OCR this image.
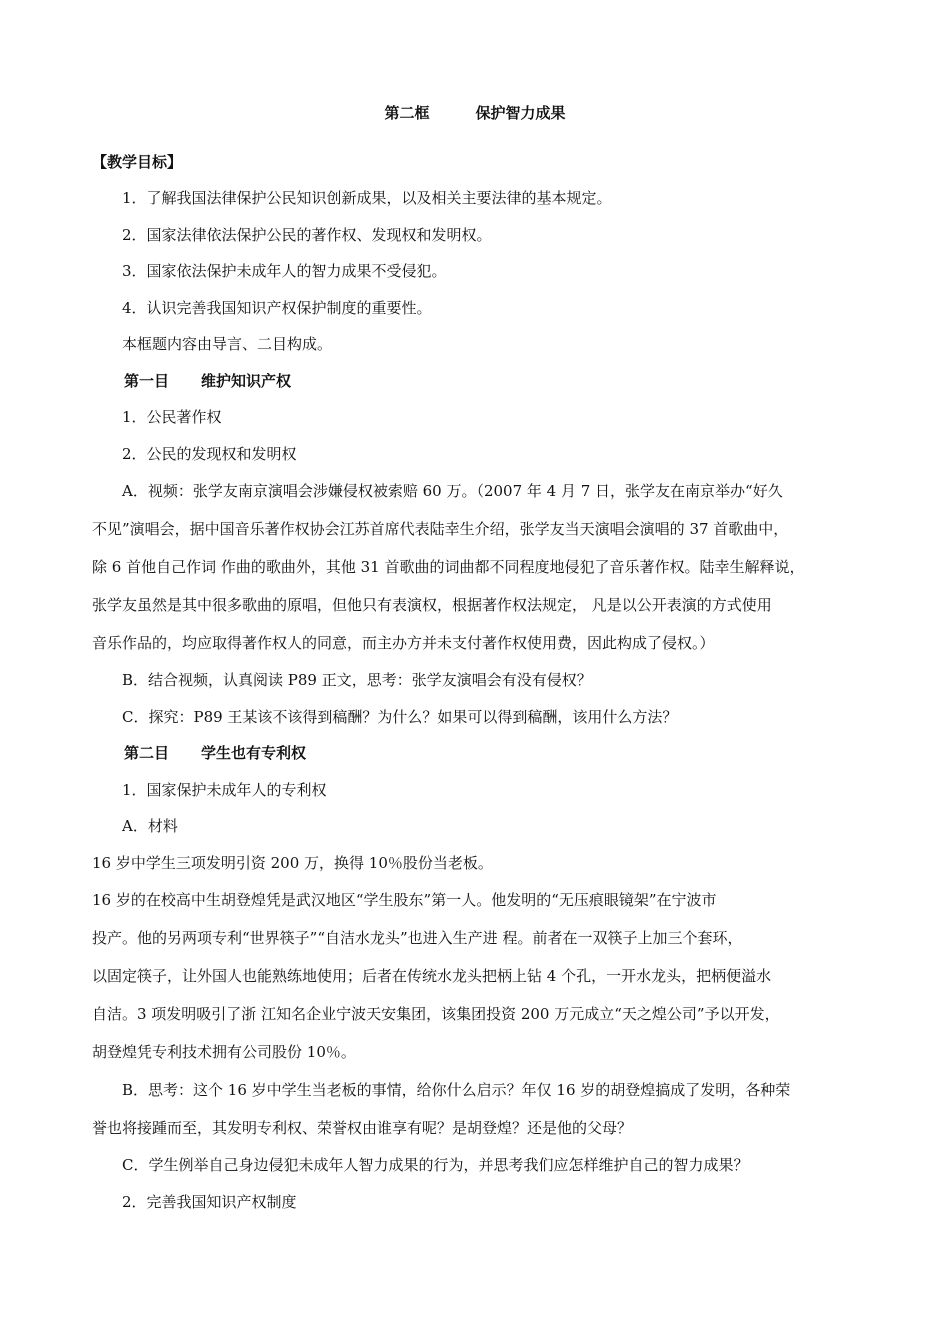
第二框	保护智力成果
【教学目标】
1．了解我国法律保护公民知识创新成果，以及相关主要法律的基本规定。
2．国家法律依法保护公民的著作权、发现权和发明权。
3．国家依法保护未成年人的智力成果不受侵犯。
4．认识完善我国知识产权保护制度的重要性。
本框题内容由导言、二目构成。
第一目 维护知识产权
1．公民著作权
2．公民的发现权和发明权
A．视频：张学友南京演唱会涉嫌侵权被索赔 60 万。（2007 年 4 月 7 日，张学友在南京举办“好久
不见”演唱会，据中国音乐著作权协会江苏首席代表陆幸生介绍，张学友当天演唱会演唱的 37 首歌曲中，
除 6 首他自己作词 作曲的歌曲外，其他 31 首歌曲的词曲都不同程度地侵犯了音乐著作权。陆幸生解释说，
张学友虽然是其中很多歌曲的原唱，但他只有表演权，根据著作权法规定， 凡是以公开表演的方式使用
音乐作品的，均应取得著作权人的同意，而主办方并未支付著作权使用费，因此构成了侵权。）
B．结合视频，认真阅读 P89 正文，思考：张学友演唱会有没有侵权？
C．探究：P89 王某该不该得到稿酬？为什么？如果可以得到稿酬，该用什么方法？
第二目 学生也有专利权
1．国家保护未成年人的专利权
A．材料
16 岁中学生三项发明引资 200 万，换得 10％股份当老板。
16 岁的在校高中生胡登煌凭是武汉地区“学生股东”第一人。他发明的“无压痕眼镜架”在宁波市
投产。他的另两项专利“世界筷子”“自洁水龙头”也进入生产进 程。前者在一双筷子上加三个套环，
以固定筷子，让外国人也能熟练地使用；后者在传统水龙头把柄上钻 4 个孔，一开水龙头，把柄便溢水
自洁。3 项发明吸引了浙 江知名企业宁波天安集团，该集团投资 200 万元成立“天之煌公司”予以开发，
胡登煌凭专利技术拥有公司股份 10％。
B．思考：这个 16 岁中学生当老板的事情，给你什么启示？年仅 16 岁的胡登煌搞成了发明，各种荣
誉也将接踵而至，其发明专利权、荣誉权由谁享有呢？是胡登煌？还是他的父母？
C．学生例举自己身边侵犯未成年人智力成果的行为，并思考我们应怎样维护自己的智力成果？
2．完善我国知识产权制度
